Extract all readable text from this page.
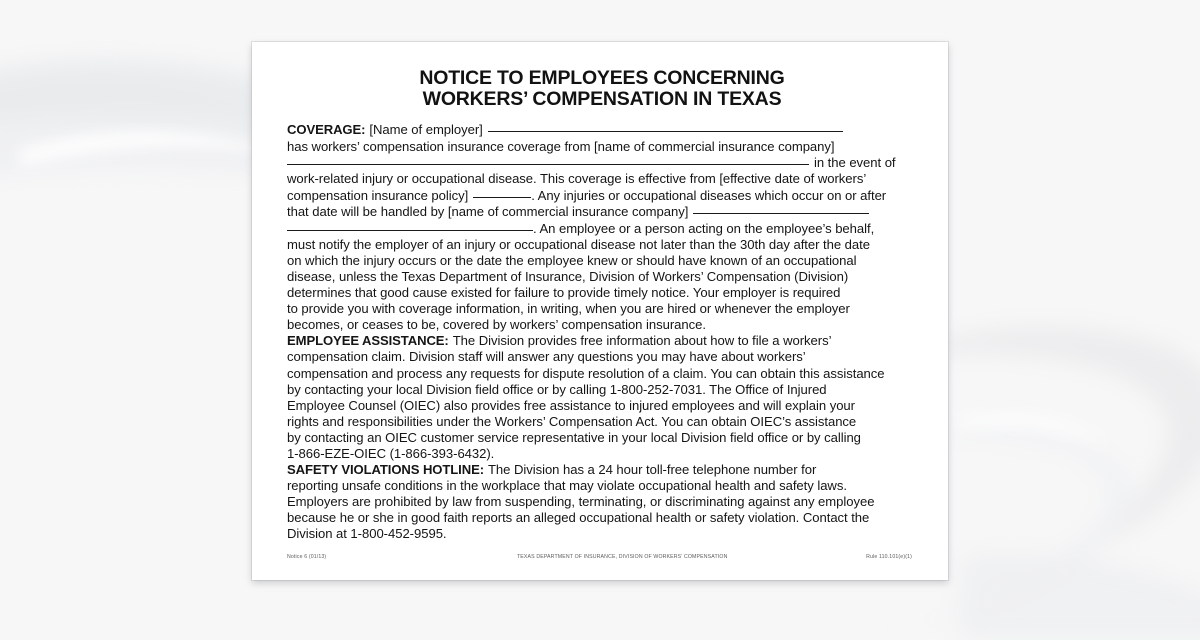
NOTICE TO EMPLOYEES CONCERNING
WORKERS’ COMPENSATION IN TEXAS

COVERAGE: [Name of employer]
has workers’ compensation insurance coverage from [name of commercial insurance company]
in the event of
work-related injury or occupational disease. This coverage is effective from [effective date of workers’
compensation insurance policy]	. Any injuries or occupational diseases which occur on or after
that date will be handled by [name of commercial insurance company]
. An employee or a person acting on the employee’s behalf,
must notify the employer of an injury or occupational disease not later than the 30th day after the date
on which the injury occurs or the date the employee knew or should have known of an occupational
disease, unless the Texas Department of Insurance, Division of Workers’ Compensation (Division)
determines that good cause existed for failure to provide timely notice. Your employer is required
to provide you with coverage information, in writing, when you are hired or whenever the employer
becomes, or ceases to be, covered by workers’ compensation insurance.

EMPLOYEE ASSISTANCE: The Division provides free information about how to file a workers’
compensation claim. Division staff will answer any questions you may have about workers’
compensation and process any requests for dispute resolution of a claim. You can obtain this assistance
by contacting your local Division field office or by calling 1-800-252-7031. The Office of Injured
Employee Counsel (OIEC) also provides free assistance to injured employees and will explain your
rights and responsibilities under the Workers’ Compensation Act. You can obtain OIEC’s assistance
by contacting an OIEC customer service representative in your local Division field office or by calling
1-866-EZE-OIEC (1-866-393-6432).

SAFETY VIOLATIONS HOTLINE: The Division has a 24 hour toll-free telephone number for
reporting unsafe conditions in the workplace that may violate occupational health and safety laws.
Employers are prohibited by law from suspending, terminating, or discriminating against any employee
because he or she in good faith reports an alleged occupational health or safety violation. Contact the
Division at 1-800-452-9595.

Notice 6 (01/13)	TEXAS DEPARTMENT OF INSURANCE, DIVISION OF WORKERS’ COMPENSATION	Rule 110.101(e)(1)
